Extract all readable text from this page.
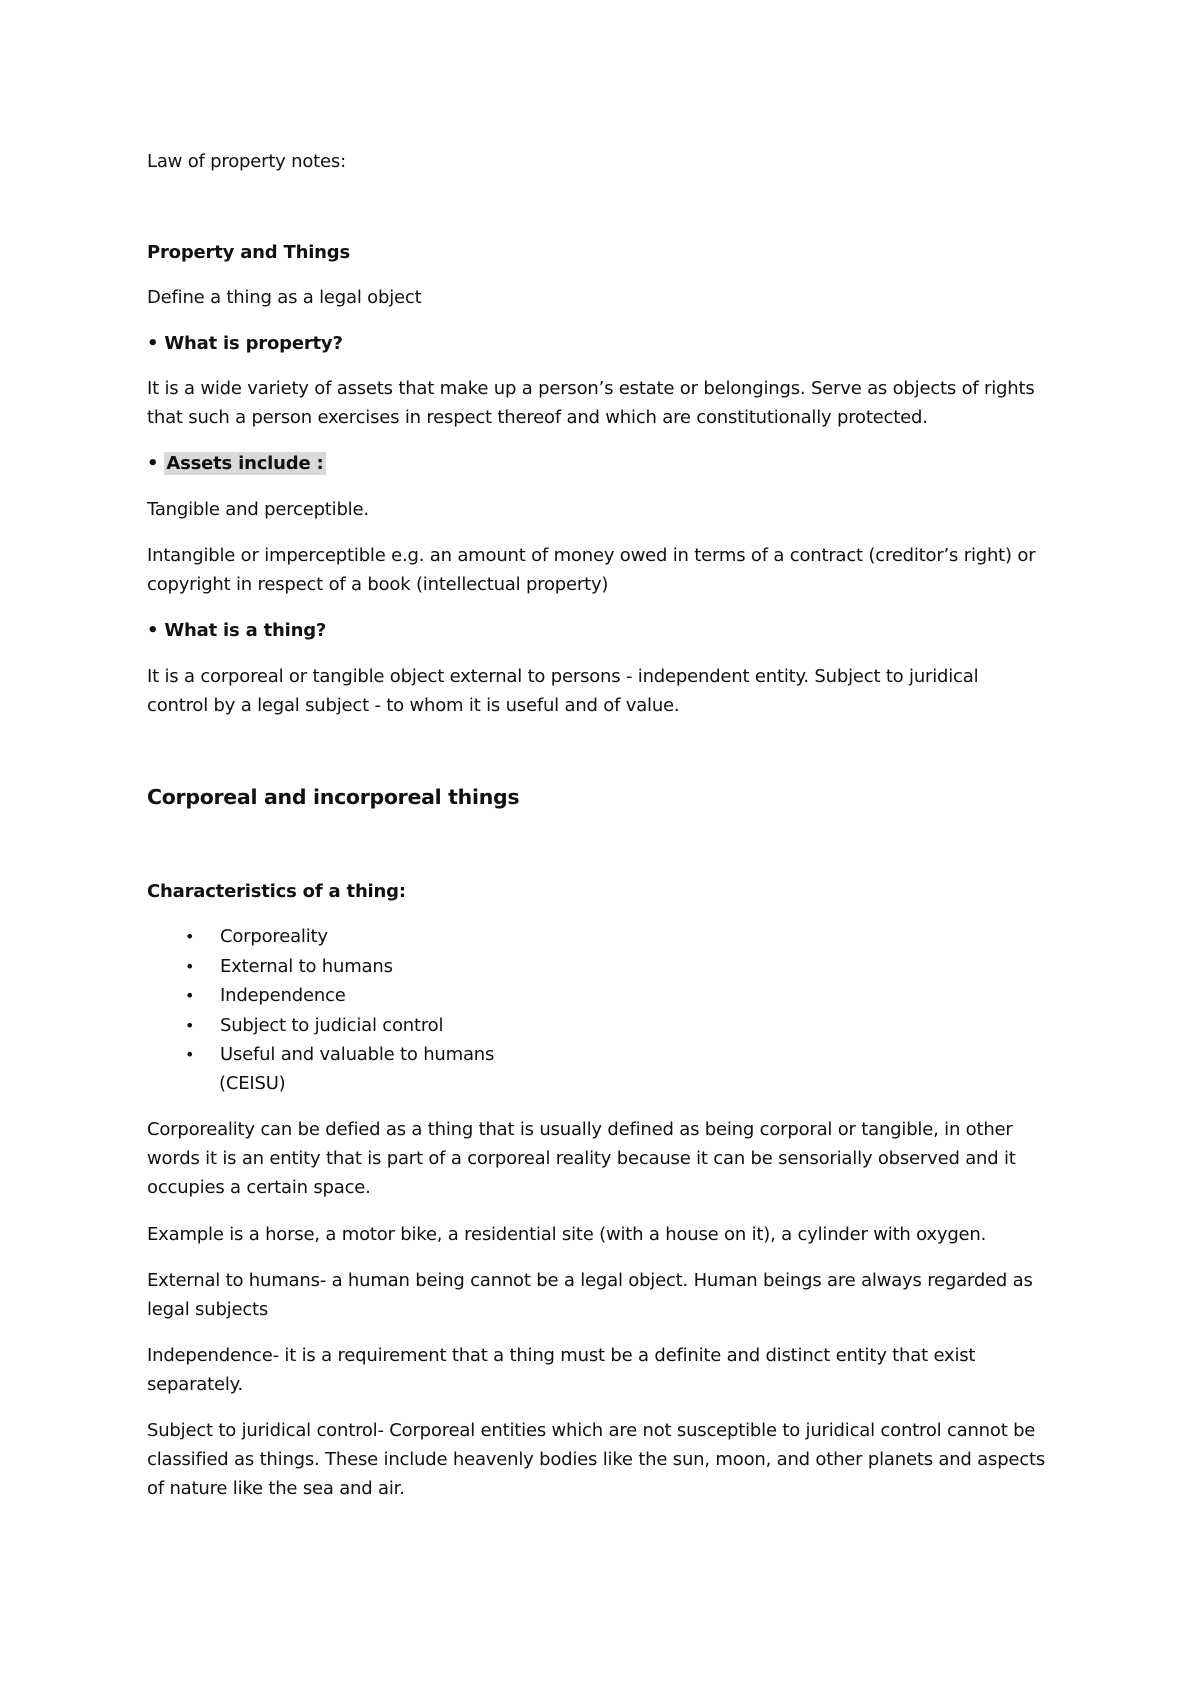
Law of property notes:
Property and Things
Define a thing as a legal object
• What is property?
It is a wide variety of assets that make up a person’s estate or belongings. Serve as objects of rights
that such a person exercises in respect thereof and which are constitutionally protected.
• Assets include :
Tangible and perceptible.
Intangible or imperceptible e.g. an amount of money owed in terms of a contract (creditor’s right) or
copyright in respect of a book (intellectual property)
• What is a thing?
It is a corporeal or tangible object external to persons - independent entity. Subject to juridical
control by a legal subject - to whom it is useful and of value.
Corporeal and incorporeal things
Characteristics of a thing:
• Corporeality
• External to humans
• Independence
• Subject to judicial control
• Useful and valuable to humans
(CEISU)
Corporeality can be defied as a thing that is usually defined as being corporal or tangible, in other
words it is an entity that is part of a corporeal reality because it can be sensorially observed and it
occupies a certain space.
Example is a horse, a motor bike, a residential site (with a house on it), a cylinder with oxygen.
External to humans- a human being cannot be a legal object. Human beings are always regarded as
legal subjects
Independence- it is a requirement that a thing must be a definite and distinct entity that exist
separately.
Subject to juridical control- Corporeal entities which are not susceptible to juridical control cannot be
classified as things. These include heavenly bodies like the sun, moon, and other planets and aspects
of nature like the sea and air.
